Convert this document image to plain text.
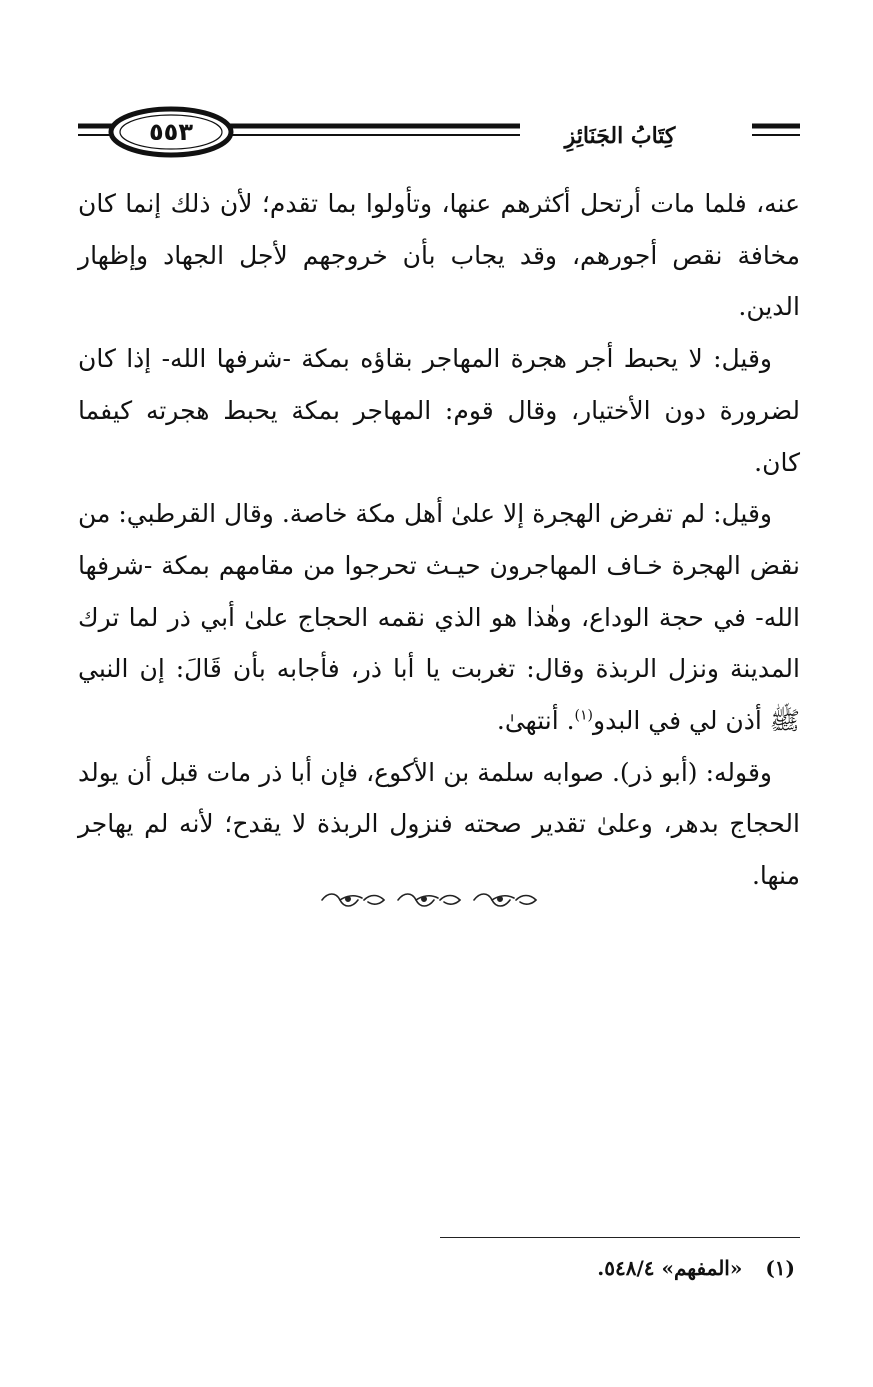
٥٥٣	كِتَابُ الجَنَائِزِ

عنه، فلما مات أرتحل أكثرهم عنها، وتأولوا بما تقدم؛ لأن ذلك إنما كان مخافة نقص أجورهم، وقد يجاب بأن خروجهم لأجل الجهاد وإظهار الدين.

وقيل: لا يحبط أجر هجرة المهاجر بقاؤه بمكة -شرفها الله- إذا كان لضرورة دون الأختيار، وقال قوم: المهاجر بمكة يحبط هجرته كيفما كان.

وقيل: لم تفرض الهجرة إلا علىٰ أهل مكة خاصة. وقال القرطبي: من نقض الهجرة خـاف المهاجرون حيـث تحرجوا من مقامهم بمكة -شرفها الله- في حجة الوداع، وهٰذا هو الذي نقمه الحجاج علىٰ أبي ذر لما ترك المدينة ونزل الربذة وقال: تغربت يا أبا ذر، فأجابه بأن قَالَ: إن النبي ﷺ أذن لي في البدو$^{(١)}$. أنتهىٰ.

وقوله: (أبو ذر). صوابه سلمة بن الأكوع، فإن أبا ذر مات قبل أن يولد الحجاج بدهر، وعلىٰ تقدير صحته فنزول الربذة لا يقدح؛ لأنه لم يهاجر منها.

(١) «المفهم» ٥٤٨/٤.
